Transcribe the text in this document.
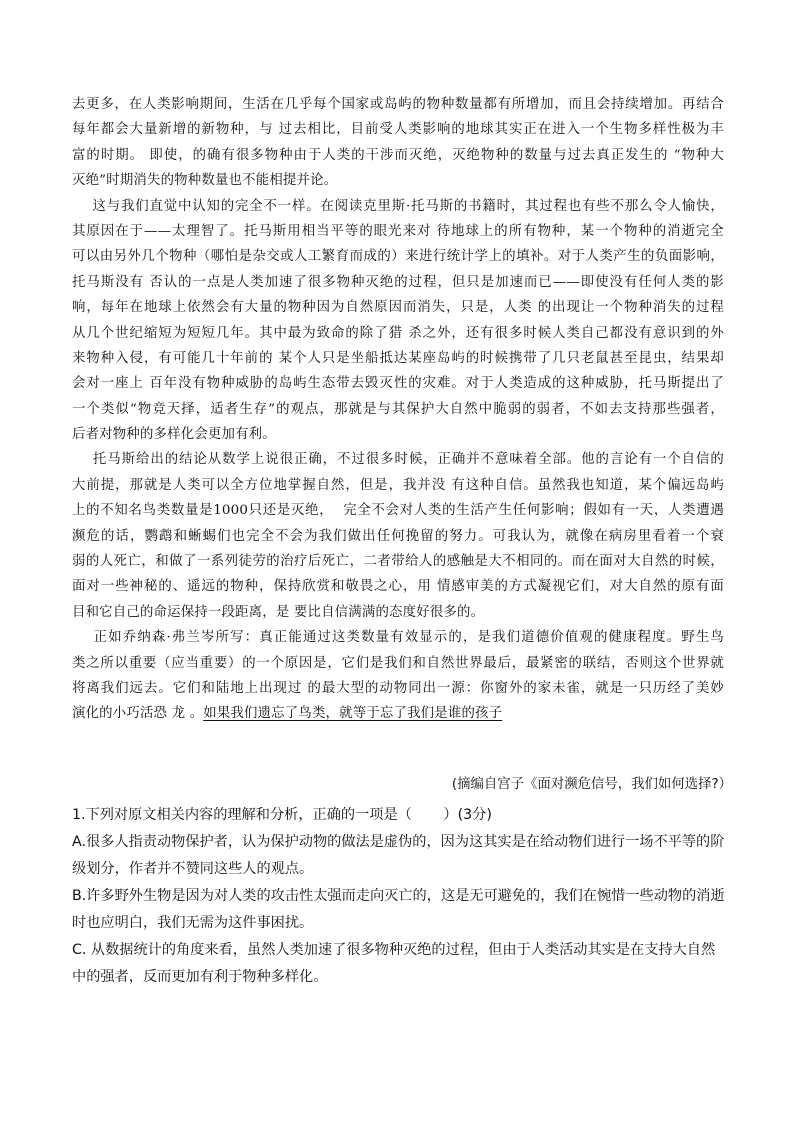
去更多，在人类影响期间，生活在几乎每个国家或岛屿的物种数量都有所增加，而且会持续增加。再结合
每年都会大量新增的新物种，与 过去相比，目前受人类影响的地球其实正在进入一个生物多样性极为丰
富的时期。 即使，的确有很多物种由于人类的干涉而灭绝，灭绝物种的数量与过去真正发生的 “物种大
灭绝”时期消失的物种数量也不能相提并论。
这与我们直觉中认知的完全不一样。在阅读克里斯·托马斯的书籍时，其过程也有些不那么令人愉快，
其原因在于——太理智了。托马斯用相当平等的眼光来对 待地球上的所有物种，某一个物种的消逝完全
可以由另外几个物种（哪怕是杂交或人工繁育而成的）来进行统计学上的填补。对于人类产生的负面影响，
托马斯没有 否认的一点是人类加速了很多物种灭绝的过程，但只是加速而已——即使没有任何人类的影
响，每年在地球上依然会有大量的物种因为自然原因而消失，只是，人类 的出现让一个物种消失的过程
从几个世纪缩短为短短几年。其中最为致命的除了猎 杀之外，还有很多时候人类自己都没有意识到的外
来物种入侵，有可能几十年前的 某个人只是坐船抵达某座岛屿的时候携带了几只老鼠甚至昆虫，结果却
会对一座上 百年没有物种威胁的岛屿生态带去毁灭性的灾难。对于人类造成的这种威胁，托马斯提出了
一个类似“物竞天择，适者生存”的观点，那就是与其保护大自然中脆弱的弱者，不如去支持那些强者，
后者对物种的多样化会更加有利。
托马斯给出的结论从数学上说很正确，不过很多时候，正确并不意味着全部。他的言论有一个自信的
大前提，那就是人类可以全方位地掌握自然，但是，我并没 有这种自信。虽然我也知道，某个偏远岛屿
上的不知名鸟类数量是1000只还是灭绝，  完全不会对人类的生活产生任何影响；假如有一天，人类遭遇
濒危的话，鹦鹉和蜥蜴们也完全不会为我们做出任何挽留的努力。可我认为，就像在病房里看着一个衰
弱的人死亡，和做了一系列徒劳的治疗后死亡，二者带给人的感触是大不相同的。而在面对大自然的时候，
面对一些神秘的、遥远的物种，保持欣赏和敬畏之心，用 情感审美的方式凝视它们，对大自然的原有面
目和它自己的命运保持一段距离，是 要比自信满满的态度好很多的。
正如乔纳森·弗兰岑所写：真正能通过这类数量有效显示的，是我们道德价值观的健康程度。野生鸟
类之所以重要（应当重要）的一个原因是，它们是我们和自然世界最后，最紧密的联结，否则这个世界就
将离我们远去。它们和陆地上出现过 的最大型的动物同出一源：你窗外的家未雀，就是一只历经了美妙
演化的小巧活恐 龙 。如果我们遗忘了鸟类，就等于忘了我们是谁的孩子
(摘编自宫子《面对濒危信号，我们如何选择?）
1.下列对原文相关内容的理解和分析，正确的一项是（       ）(3分)
A.很多人指责动物保护者，认为保护动物的做法是虚伪的，因为这其实是在给动物们进行一场不平等的阶
级划分，作者并不赞同这些人的观点。
B.许多野外生物是因为对人类的攻击性太强而走向灭亡的，这是无可避免的，我们在惋惜一些动物的消逝
时也应明白，我们无需为这件事困扰。
C. 从数据统计的角度来看，虽然人类加速了很多物种灭绝的过程，但由于人类活动其实是在支持大自然
中的强者，反而更加有利于物种多样化。
